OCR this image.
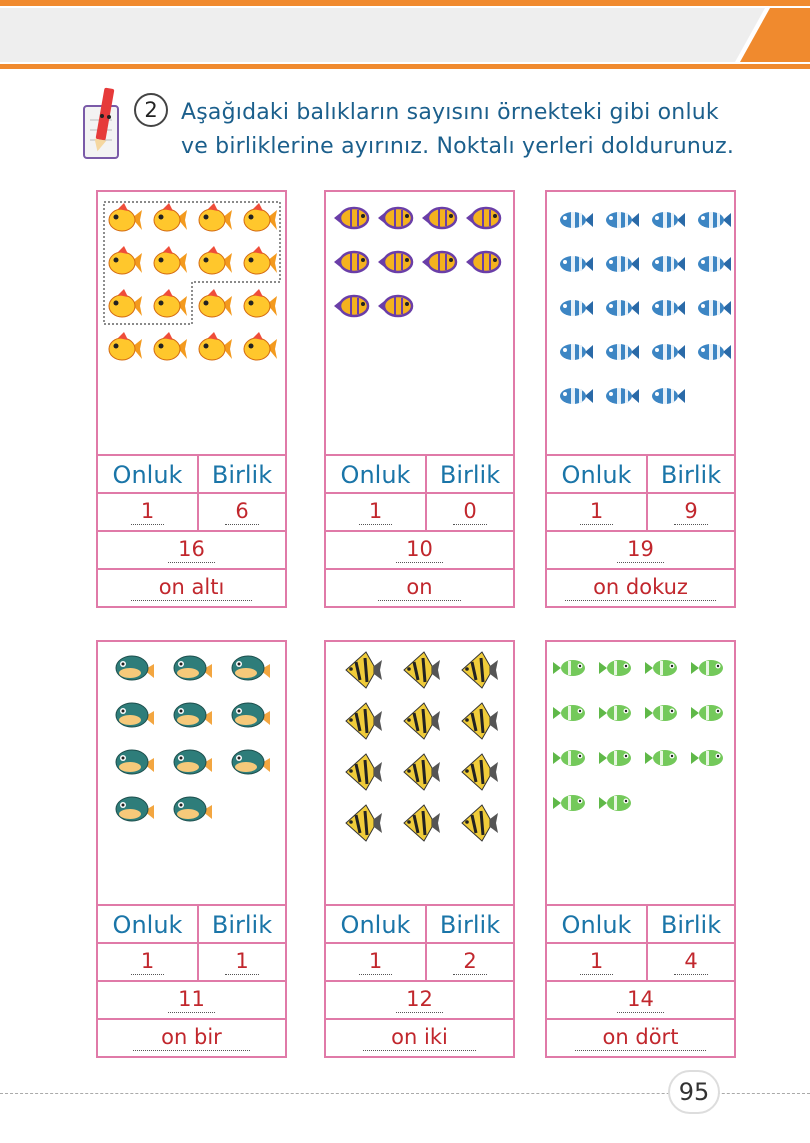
2	Aşağıdaki balıkların sayısını örnekteki gibi onluk
ve birliklerine ayırınız. Noktalı yerleri doldurunuz.
Onluk	Birlik
1	6
16
on altı
Onluk	Birlik
1	0
10
on
Onluk	Birlik
1	9
19
on dokuz
Onluk	Birlik
1	1
11
on bir
Onluk	Birlik
1	2
12
on iki
Onluk	Birlik
1	4
14
on dört
95
